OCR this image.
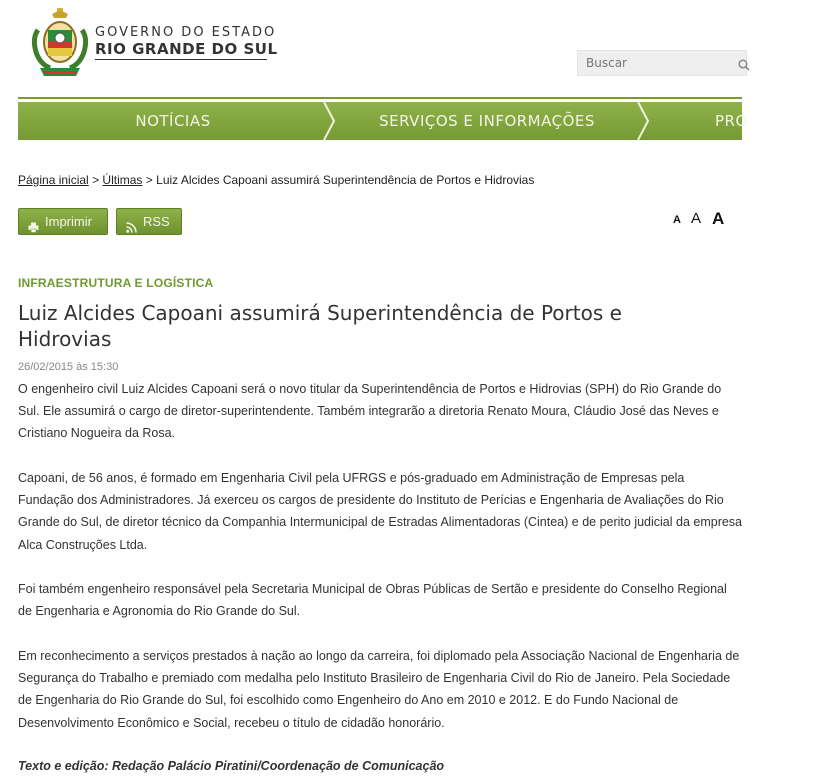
GOVERNO DO ESTADO
RIO GRANDE DO SUL
Buscar
NOTÍCIAS	SERVIÇOS E INFORMAÇÕES	PRO
Página inicial > Últimas > Luiz Alcides Capoani assumirá Superintendência de Portos e Hidrovias
Imprimir	RSS	A A A
INFRAESTRUTURA E LOGÍSTICA
Luiz Alcides Capoani assumirá Superintendência de Portos e Hidrovias
26/02/2015 às 15:30

O engenheiro civil Luiz Alcides Capoani será o novo titular da Superintendência de Portos e Hidrovias (SPH) do Rio Grande do Sul. Ele assumirá o cargo de diretor-superintendente. Também integrarão a diretoria Renato Moura, Cláudio José das Neves e Cristiano Nogueira da Rosa.

Capoani, de 56 anos, é formado em Engenharia Civil pela UFRGS e pós-graduado em Administração de Empresas pela Fundação dos Administradores. Já exerceu os cargos de presidente do Instituto de Perícias e Engenharia de Avaliações do Rio Grande do Sul, de diretor técnico da Companhia Intermunicipal de Estradas Alimentadoras (Cintea) e de perito judicial da empresa Alca Construções Ltda.

Foi também engenheiro responsável pela Secretaria Municipal de Obras Públicas de Sertão e presidente do Conselho Regional de Engenharia e Agronomia do Rio Grande do Sul.

Em reconhecimento a serviços prestados à nação ao longo da carreira, foi diplomado pela Associação Nacional de Engenharia de Segurança do Trabalho e premiado com medalha pelo Instituto Brasileiro de Engenharia Civil do Rio de Janeiro. Pela Sociedade de Engenharia do Rio Grande do Sul, foi escolhido como Engenheiro do Ano em 2010 e 2012. E do Fundo Nacional de Desenvolvimento Econômico e Social, recebeu o título de cidadão honorário.

Texto e edição: Redação Palácio Piratini/Coordenação de Comunicação
